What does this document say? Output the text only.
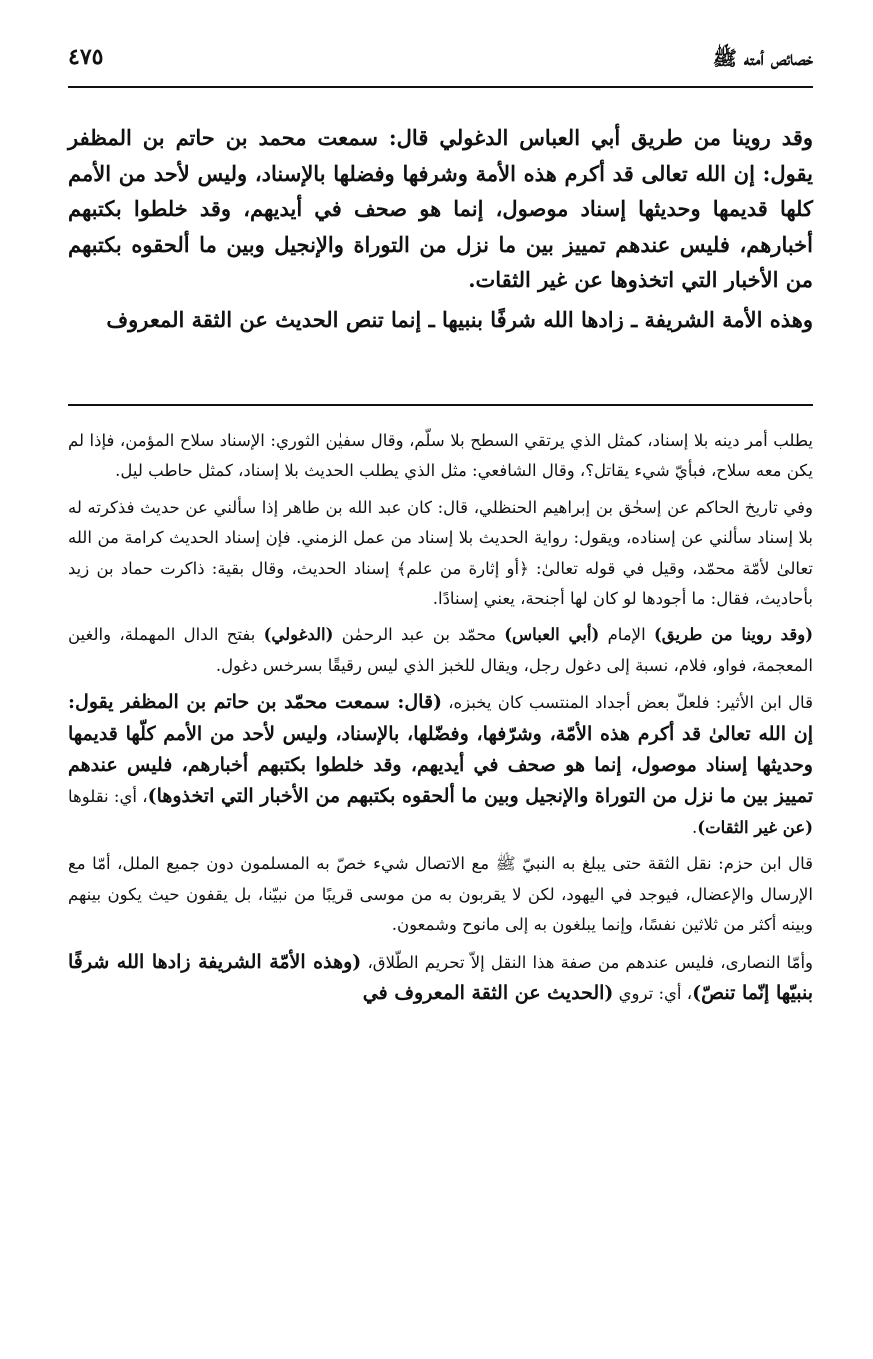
خصائص أمته ﷺ
٤٧٥

وقد روينا من طريق أبي العباس الدغولي قال: سمعت محمد بن حاتم بن المظفر يقول: إن الله تعالى قد أكرم هذه الأمة وشرفها وفضلها بالإسناد، وليس لأحد من الأمم كلها قديمها وحديثها إسناد موصول، إنما هو صحف في أيديهم، وقد خلطوا بكتبهم أخبارهم، فليس عندهم تمييز بين ما نزل من التوراة والإنجيل وبين ما ألحقوه بكتبهم من الأخبار التي اتخذوها عن غير الثقات.

وهذه الأمة الشريفة ـ زادها الله شرفًا بنبيها ـ إنما تنص الحديث عن الثقة المعروف

يطلب أمر دينه بلا إسناد، كمثل الذي يرتقي السطح بلا سلّم، وقال سفيٰن الثوري: الإسناد سلاح المؤمن، فإذا لم يكن معه سلاح، فبأيّ شيء يقاتل؟، وقال الشافعي: مثل الذي يطلب الحديث بلا إسناد، كمثل حاطب ليل.

وفي تاريخ الحاكم عن إسحٰق بن إبراهيم الحنظلي، قال: كان عبد الله بن طاهر إذا سألني عن حديث فذكرته له بلا إسناد سألني عن إسناده، ويقول: رواية الحديث بلا إسناد من عمل الزمني. فإن إسناد الحديث كرامة من الله تعالىٰ لأمّة محمّد، وقيل في قوله تعالىٰ: ﴿أو إثارة من علم﴾ إسناد الحديث، وقال بقية: ذاكرت حماد بن زيد بأحاديث، فقال: ما أجودها لو كان لها أجنحة، يعني إسنادًا.

(وقد روينا من طريق) الإمام (أبي العباس) محمّد بن عبد الرحمٰن (الدغولي) بفتح الدال المهملة، والغين المعجمة، فواو، فلام، نسبة إلى دغول رجل، ويقال للخبز الذي ليس رقيقًا بسرخس دغول.

قال ابن الأثير: فلعلّ بعض أجداد المنتسب كان يخبزه، (قال: سمعت محمّد بن حاتم بن المظفر يقول: إن الله تعالىٰ قد أكرم هذه الأمّة، وشرّفها، وفضّلها، بالإسناد، وليس لأحد من الأمم كلّها قديمها وحديثها إسناد موصول، إنما هو صحف في أيديهم، وقد خلطوا بكتبهم أخبارهم، فليس عندهم تمييز بين ما نزل من التوراة والإنجيل وبين ما ألحقوه بكتبهم من الأخبار التي اتخذوها)، أي: نقلوها (عن غير الثقات).

قال ابن حزم: نقل الثقة حتى يبلغ به النبيّ ﷺ مع الاتصال شيء خصّ به المسلمون دون جميع الملل، أمّا مع الإرسال والإعضال، فيوجد في اليهود، لكن لا يقربون به من موسى قريبًا من نبيّنا، بل يقفون حيث يكون بينهم وبينه أكثر من ثلاثين نفسًا، وإنما يبلغون به إلى مانوح وشمعون.

وأمّا النصارى، فليس عندهم من صفة هذا النقل إلاّ تحريم الطّلاق، (وهذه الأمّة الشريفة زادها الله شرفًا بنبيّها إنّما تنصّ)، أي: تروي (الحديث عن الثقة المعروف في
